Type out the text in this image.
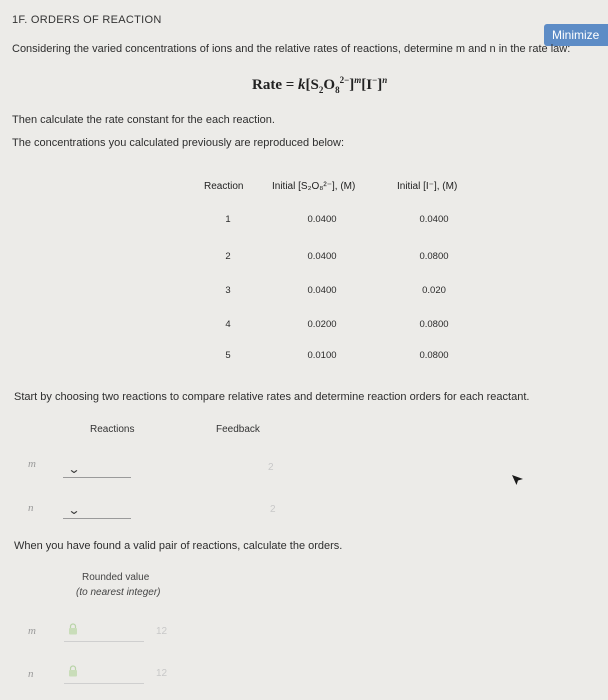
1F. ORDERS OF REACTION
Minimize
Considering the varied concentrations of ions and the relative rates of reactions, determine m and n in the rate law:
Rate = $k[S_2O_8^{2-}]^m[I^-]^n$
Then calculate the rate constant for the each reaction.
The concentrations you calculated previously are reproduced below:
Reaction	Initial [S₂O₈²⁻], (M)	Initial [I⁻], (M)
1	0.0400	0.0400
2	0.0400	0.0800
3	0.0400	0.020
4	0.0200	0.0800
5	0.0100	0.0800
Start by choosing two reactions to compare relative rates and determine reaction orders for each reactant.
Reactions	Feedback
m	⌄	2
n	⌄	2
When you have found a valid pair of reactions, calculate the orders.
Rounded value
(to nearest integer)
m	12
n	12
